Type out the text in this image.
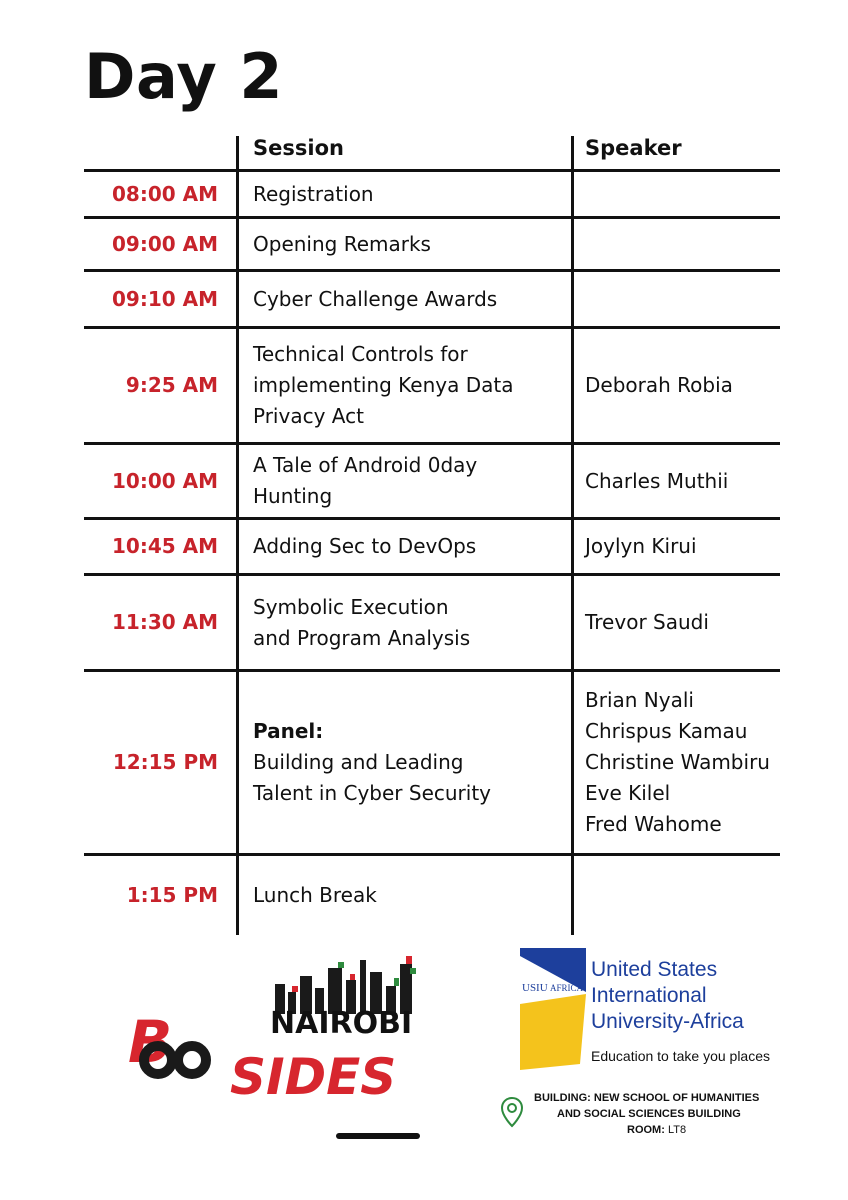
Day 2
Session	Speaker
08:00 AM Registration
09:00 AM Opening Remarks
09:10 AM Cyber Challenge Awards
9:25 AM
Technical Controls for
implementing Kenya Data
Privacy Act
Deborah Robia
10:00 AM
A Tale of Android 0day
Hunting
Charles Muthii
10:45 AM Adding Sec to DevOps	Joylyn Kirui
11:30 AM
Symbolic Execution
and Program Analysis
Trevor Saudi
12:15 PM
Panel:
Building and Leading
Talent in Cyber Security
Brian Nyali
Chrispus Kamau
Christine Wambiru
Eve Kilel
Fred Wahome
1:15 PM Lunch Break
NAIROBI
B
SIDES
USIU AFRICA
United States
International
University-Africa
Education to take you places
BUILDING: NEW SCHOOL OF HUMANITIES
AND SOCIAL SCIENCES BUILDING
ROOM: LT8
